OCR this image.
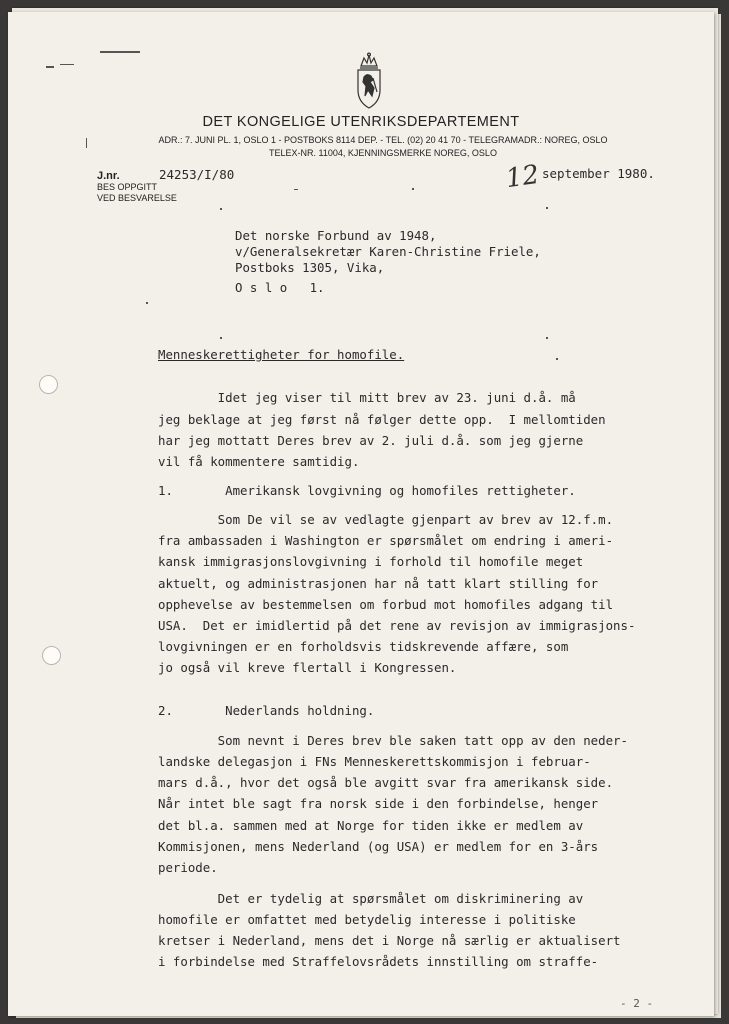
DET KONGELIGE UTENRIKSDEPARTEMENT
ADR.: 7. JUNI PL. 1, OSLO 1 - POSTBOKS 8114 DEP. - TEL. (02) 20 41 70 - TELEGRAMADR.: NOREG, OSLO
TELEX-NR. 11004, KJENNINGSMERKE NOREG, OSLO
J.nr.	24253/I/80
BES OPPGITT
VED BESVARELSE
12 september 1980.
Det norske Forbund av 1948,
v/Generalsekretær Karen-Christine Friele,
Postboks 1305, Vika,
O s l o   1.
Menneskerettigheter for homofile.
Idet jeg viser til mitt brev av 23. juni d.å. må
jeg beklage at jeg først nå følger dette opp.  I mellomtiden
har jeg mottatt Deres brev av 2. juli d.å. som jeg gjerne
vil få kommentere samtidig.
1.       Amerikansk lovgivning og homofiles rettigheter.
Som De vil se av vedlagte gjenpart av brev av 12.f.m.
fra ambassaden i Washington er spørsmålet om endring i ameri-
kansk immigrasjonslovgivning i forhold til homofile meget
aktuelt, og administrasjonen har nå tatt klart stilling for
opphevelse av bestemmelsen om forbud mot homofiles adgang til
USA.  Det er imidlertid på det rene av revisjon av immigrasjons-
lovgivningen er en forholdsvis tidskrevende affære, som
jo også vil kreve flertall i Kongressen.
2.       Nederlands holdning.
Som nevnt i Deres brev ble saken tatt opp av den neder-
landske delegasjon i FNs Menneskerettskommisjon i februar-
mars d.å., hvor det også ble avgitt svar fra amerikansk side.
Når intet ble sagt fra norsk side i den forbindelse, henger
det bl.a. sammen med at Norge for tiden ikke er medlem av
Kommisjonen, mens Nederland (og USA) er medlem for en 3-års
periode.
Det er tydelig at spørsmålet om diskriminering av
homofile er omfattet med betydelig interesse i politiske
kretser i Nederland, mens det i Norge nå særlig er aktualisert
i forbindelse med Straffelovsrådets innstilling om straffe-
- 2 -
